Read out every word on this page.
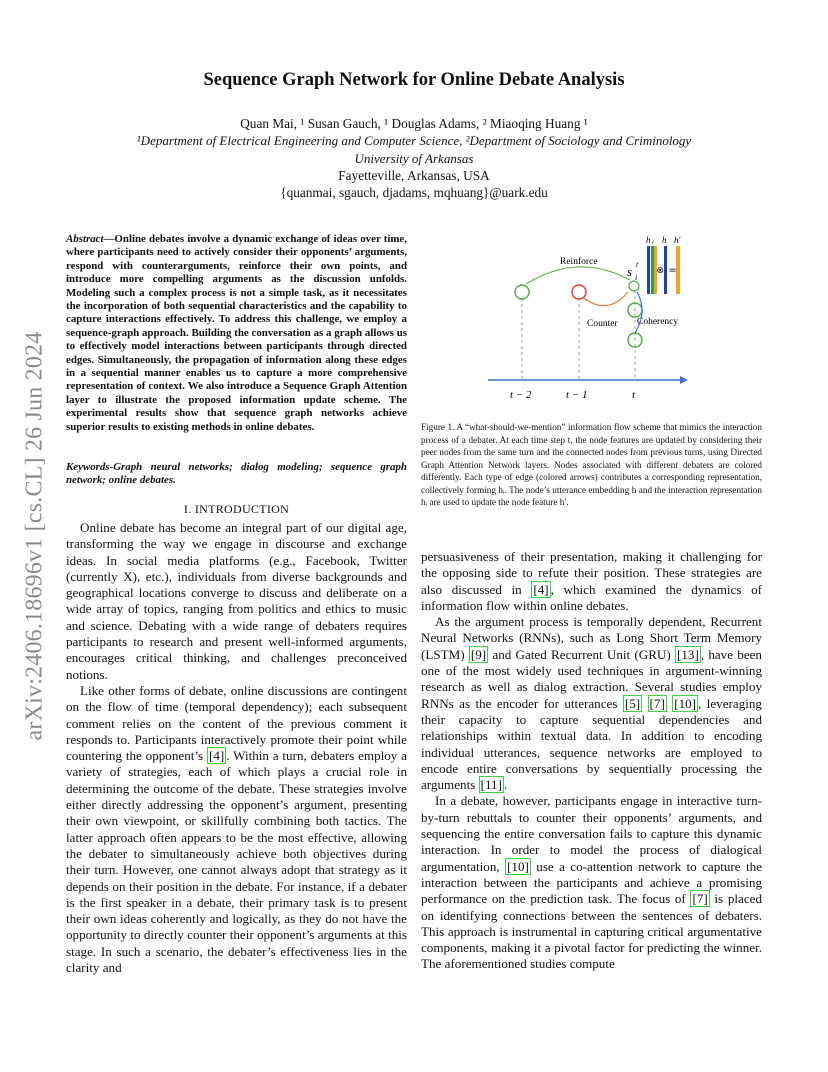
arXiv:2406.18696v1 [cs.CL] 26 Jun 2024
Sequence Graph Network for Online Debate Analysis
Quan Mai, ¹ Susan Gauch, ¹ Douglas Adams, ² Miaoqing Huang ¹
¹Department of Electrical Engineering and Computer Science, ²Department of Sociology and Criminology
University of Arkansas
Fayetteville, Arkansas, USA
{quanmai, sgauch, djadams, mqhuang}@uark.edu
Abstract—Online debates involve a dynamic exchange of ideas over time, where participants need to actively consider their opponents’ arguments, respond with counterarguments, reinforce their own points, and introduce more compelling arguments as the discussion unfolds. Modeling such a complex process is not a simple task, as it necessitates the incorporation of both sequential characteristics and the capability to capture interactions effectively. To address this challenge, we employ a sequence-graph approach. Building the conversation as a graph allows us to effectively model interactions between participants through directed edges. Simultaneously, the propagation of information along these edges in a sequential manner enables us to capture a more comprehensive representation of context. We also introduce a Sequence Graph Attention layer to illustrate the proposed information update scheme. The experimental results show that sequence graph networks achieve superior results to existing methods in online debates.
Keywords-Graph neural networks; dialog modeling; sequence graph network; online debates.
I. INTRODUCTION

Online debate has become an integral part of our digital age, transforming the way we engage in discourse and exchange ideas. In social media platforms (e.g., Facebook, Twitter (currently X), etc.), individuals from diverse backgrounds and geographical locations converge to discuss and deliberate on a wide array of topics, ranging from politics and ethics to music and science. Debating with a wide range of debaters requires participants to research and present well-informed arguments, encourages critical thinking, and challenges preconceived notions.

Like other forms of debate, online discussions are contingent on the flow of time (temporal dependency); each subsequent comment relies on the content of the previous comment it responds to. Participants interactively promote their point while countering the opponent’s [4] . Within a turn, debaters employ a variety of strategies, each of which plays a crucial role in determining the outcome of the debate. These strategies involve either directly addressing the opponent’s argument, presenting their own viewpoint, or skillfully combining both tactics. The latter approach often appears to be the most effective, allowing the debater to simultaneously achieve both objectives during their turn. However, one cannot always adopt that strategy as it depends on their position in the debate. For instance, if a debater is the first speaker in a debate, their primary task is to present their own ideas coherently and logically, as they do not have the opportunity to directly counter their opponent’s arguments at this stage. In such a scenario, the debater’s effectiveness lies in the clarity and

Reinforce
Counter Coherency
s i
t
h i h h′
⊗ =
t − 2	t − 1	t
Figure 1. A “what-should-we-mention” information flow scheme that mimics the interaction process of a debater. At each time step t, the node features are updated by considering their peer nodes from the same turn and the connected nodes from previous turns, using Directed Graph Attention Network layers. Nodes associated with different debaters are colored differently. Each type of edge (colored arrows) contributes a corresponding representation, collectively forming hᵢ. The node’s utterance embedding h and the interaction representation hᵢ are used to update the node feature h′.

persuasiveness of their presentation, making it challenging for the opposing side to refute their position. These strategies are also discussed in [4] , which examined the dynamics of information flow within online debates.

As the argument process is temporally dependent, Recurrent Neural Networks (RNNs), such as Long Short Term Memory (LSTM) [9] and Gated Recurrent Unit (GRU) [13] , have been one of the most widely used techniques in argument-winning research as well as dialog extraction. Several studies employ RNNs as the encoder for utterances [5] [7] [10] , leveraging their capacity to capture sequential dependencies and relationships within textual data. In addition to encoding individual utterances, sequence networks are employed to encode entire conversations by sequentially processing the arguments [11] .

In a debate, however, participants engage in interactive turn-by-turn rebuttals to counter their opponents’ arguments, and sequencing the entire conversation fails to capture this dynamic interaction. In order to model the process of dialogical argumentation, [10] use a co-attention network to capture the interaction between the participants and achieve a promising performance on the prediction task. The focus of [7] is placed on identifying connections between the sentences of debaters. This approach is instrumental in capturing critical argumentative components, making it a pivotal factor for predicting the winner. The aforementioned studies compute
